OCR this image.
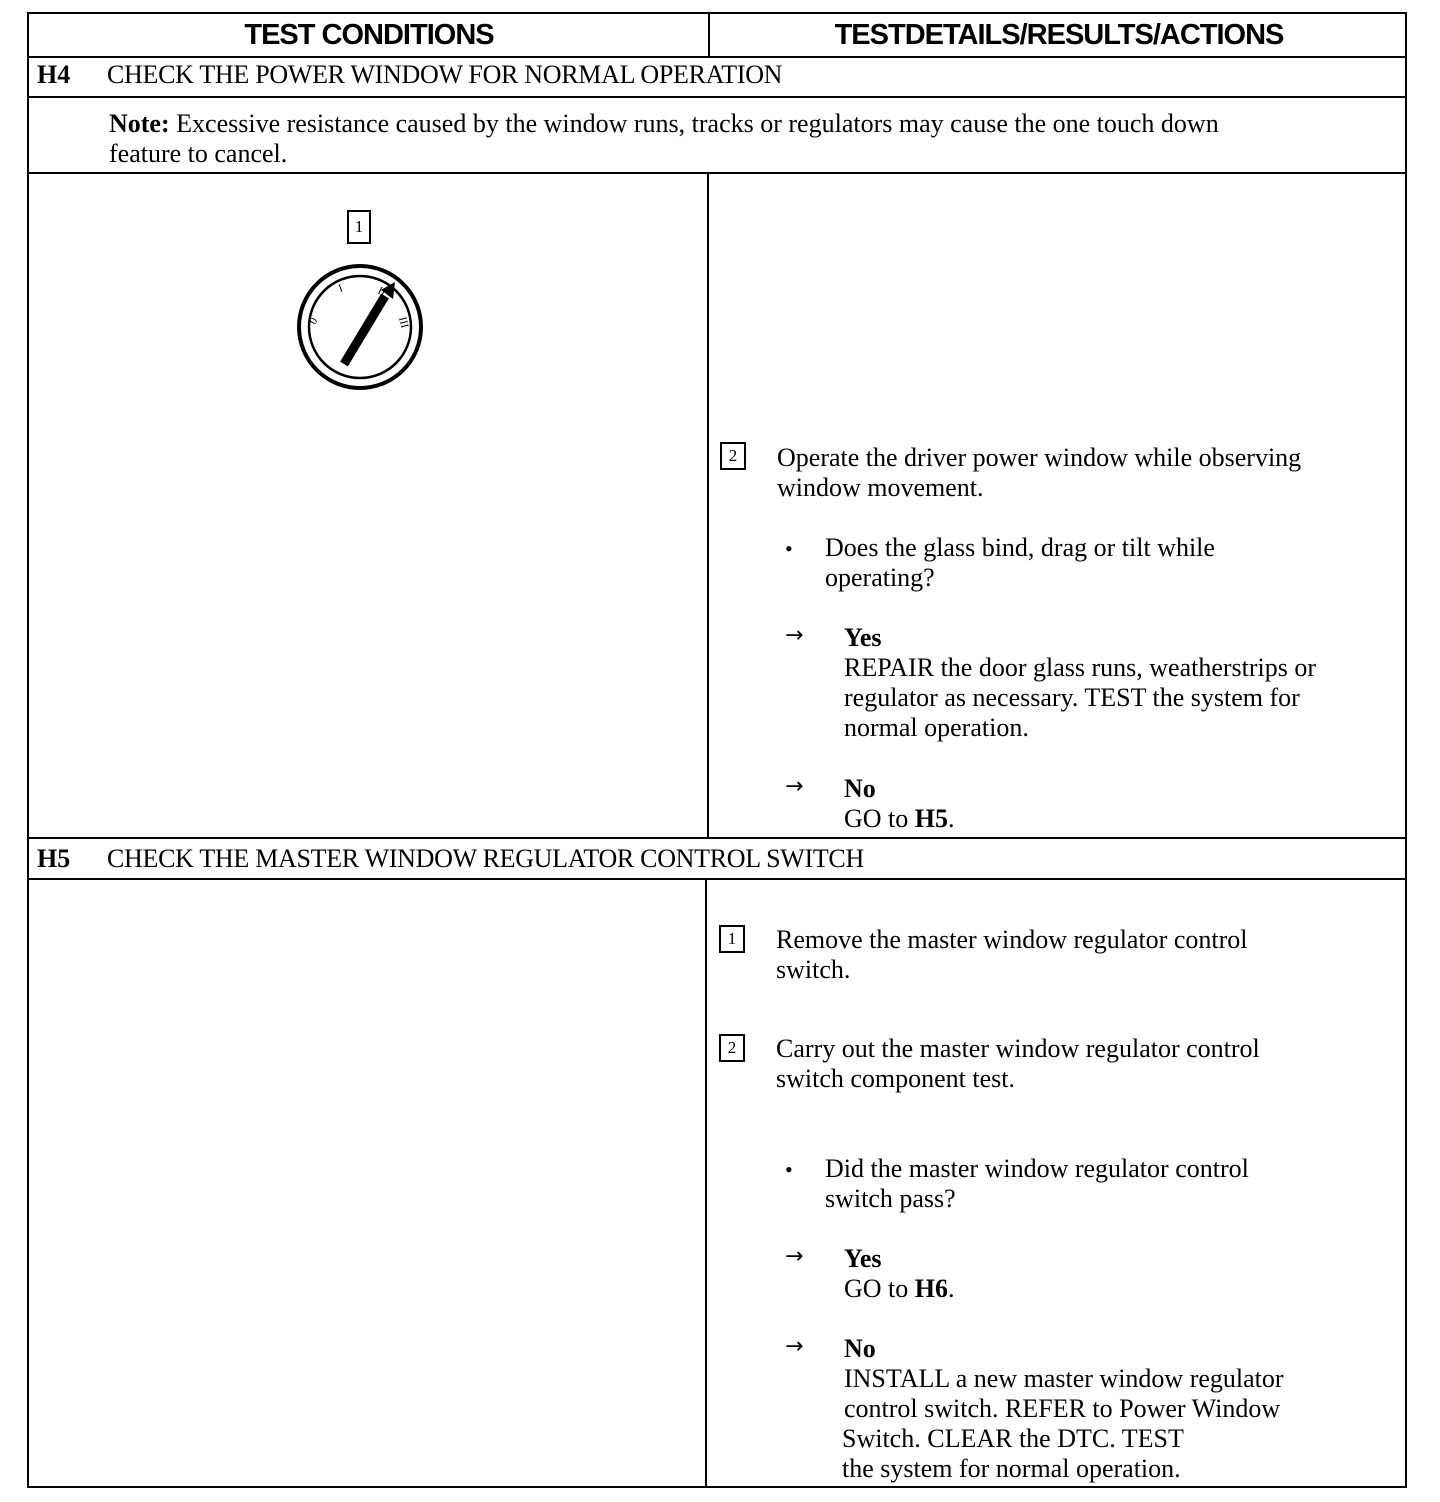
TEST CONDITIONS	TESTDETAILS/RESULTS/ACTIONS
H4 CHECK THE POWER WINDOW FOR NORMAL OPERATION
Note: Excessive resistance caused by the window runs, tracks or regulators may cause the one touch down
feature to cancel.
1
0
I	II
III
2	Operate the driver power window while observing
window movement.
• Does the glass bind, drag or tilt while
operating?
→ Yes
REPAIR the door glass runs, weatherstrips or
regulator as necessary. TEST the system for
normal operation.
→ No
GO to H5.
H5 CHECK THE MASTER WINDOW REGULATOR CONTROL SWITCH
1	Remove the master window regulator control
switch.
2	Carry out the master window regulator control
switch component test.
• Did the master window regulator control
switch pass?
→ Yes
GO to H6.
→ No
INSTALL a new master window regulator
control switch. REFER to Power Window
Switch. CLEAR the DTC. TEST
the system for normal operation.
